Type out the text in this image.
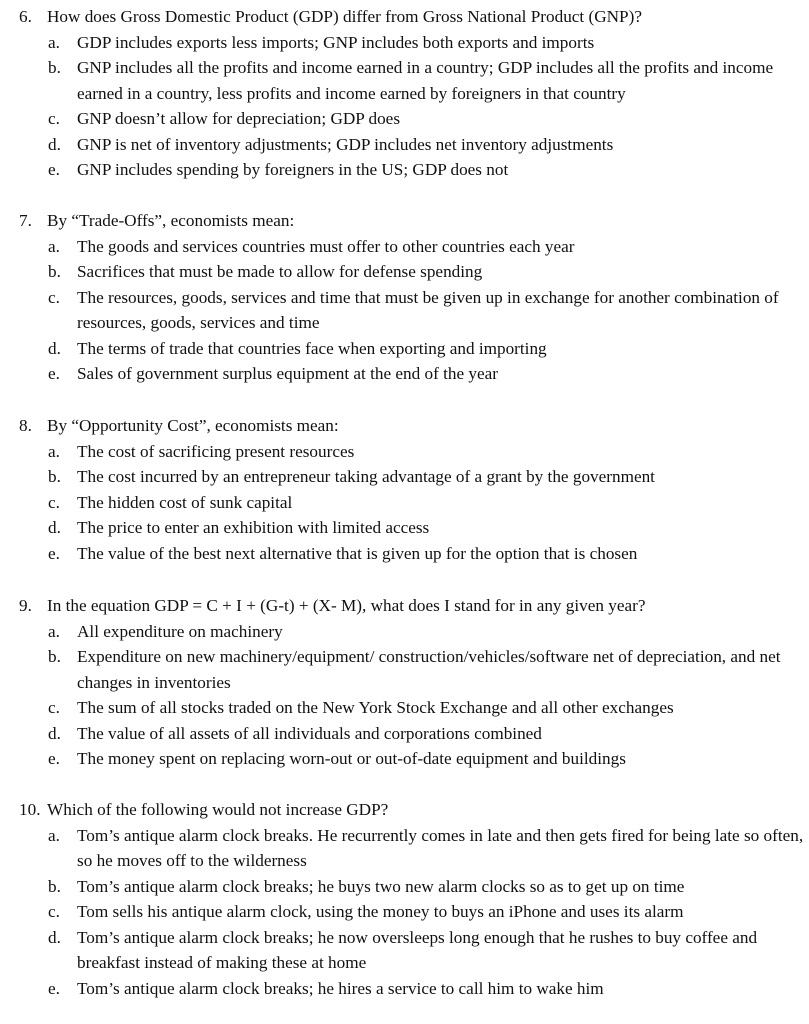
6. How does Gross Domestic Product (GDP) differ from Gross National Product (GNP)?
a. GDP includes exports less imports; GNP includes both exports and imports
b. GNP includes all the profits and income earned in a country; GDP includes all the profits and income earned in a country, less profits and income earned by foreigners in that country
c. GNP doesn’t allow for depreciation; GDP does
d. GNP is net of inventory adjustments; GDP includes net inventory adjustments
e. GNP includes spending by foreigners in the US; GDP does not
7. By “Trade-Offs”, economists mean:
a. The goods and services countries must offer to other countries each year
b. Sacrifices that must be made to allow for defense spending
c. The resources, goods, services and time that must be given up in exchange for another combination of resources, goods, services and time
d. The terms of trade that countries face when exporting and importing
e. Sales of government surplus equipment at the end of the year
8. By “Opportunity Cost”, economists mean:
a. The cost of sacrificing present resources
b. The cost incurred by an entrepreneur taking advantage of a grant by the government
c. The hidden cost of sunk capital
d. The price to enter an exhibition with limited access
e. The value of the best next alternative that is given up for the option that is chosen
9. In the equation GDP = C + I + (G-t) + (X- M), what does I stand for in any given year?
a. All expenditure on machinery
b. Expenditure on new machinery/equipment/ construction/vehicles/software net of depreciation, and net changes in inventories
c. The sum of all stocks traded on the New York Stock Exchange and all other exchanges
d. The value of all assets of all individuals and corporations combined
e. The money spent on replacing worn-out or out-of-date equipment and buildings
10. Which of the following would not increase GDP?
a. Tom’s antique alarm clock breaks. He recurrently comes in late and then gets fired for being late so often, so he moves off to the wilderness
b. Tom’s antique alarm clock breaks; he buys two new alarm clocks so as to get up on time
c. Tom sells his antique alarm clock, using the money to buys an iPhone and uses its alarm
d. Tom’s antique alarm clock breaks; he now oversleeps long enough that he rushes to buy coffee and breakfast instead of making these at home
e. Tom’s antique alarm clock breaks; he hires a service to call him to wake him
